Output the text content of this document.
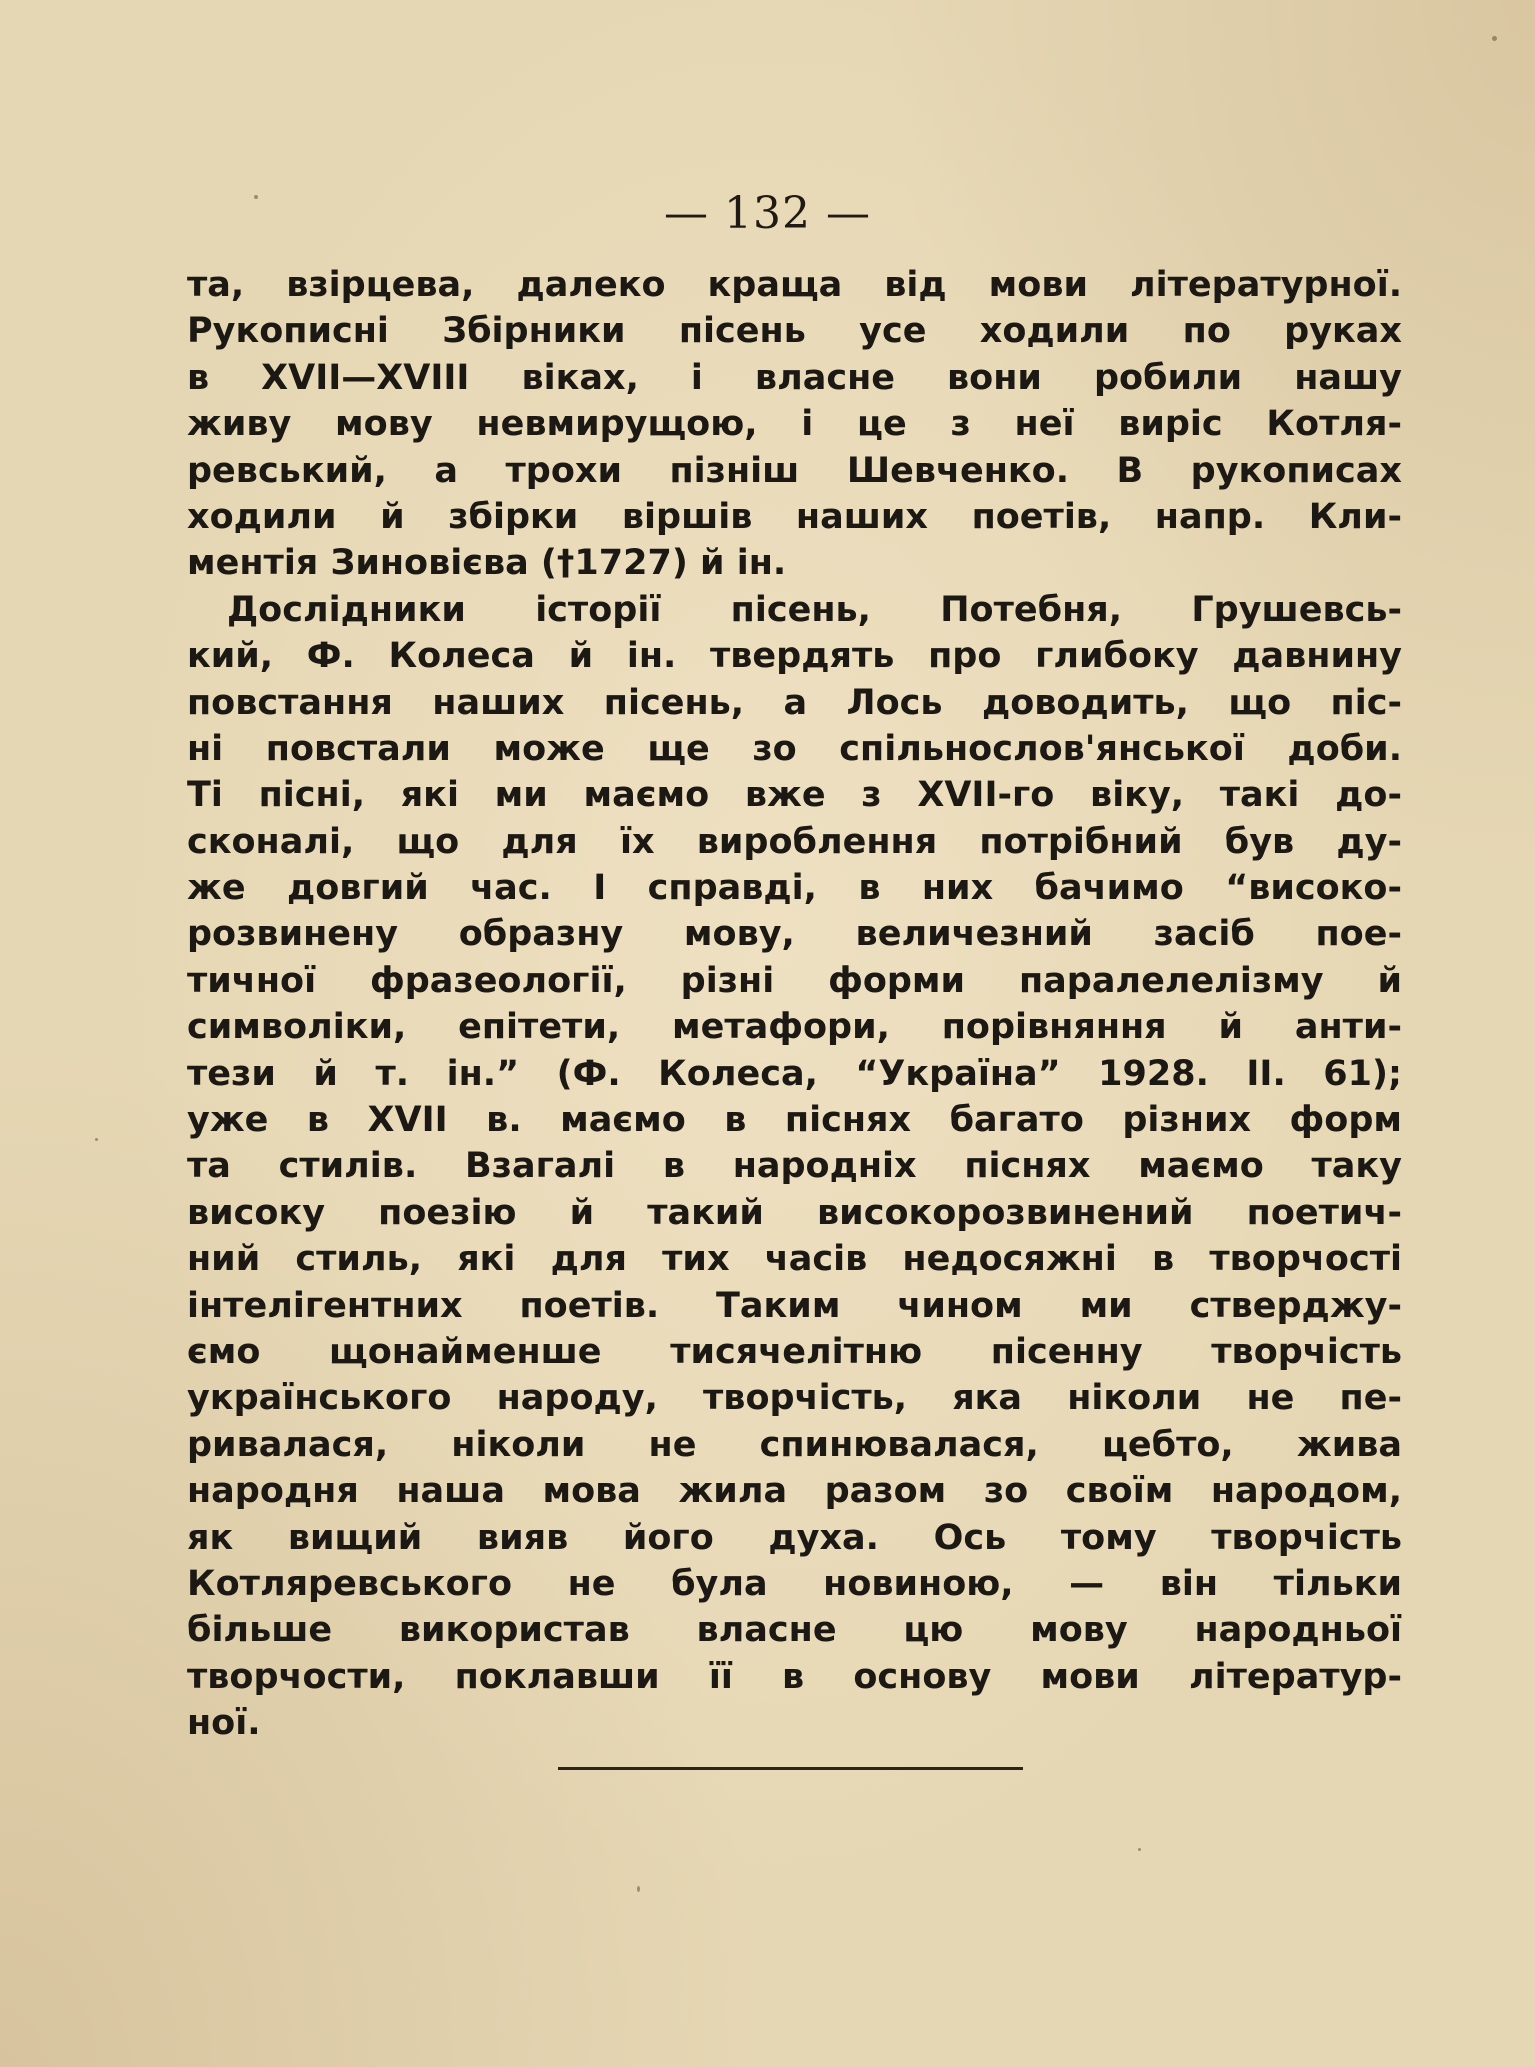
— 132 —
та, взірцева, далеко краща від мови літературної.
Рукописні Збірники пісень усе ходили по руках
в XVII—XVIII віках, і власне вони робили нашу
живу мову невмирущою, і це з неї виріс Котля-
ревський, а трохи пізніш Шевченко. В рукописах
ходили й збірки віршів наших поетів, напр. Кли-
ментія Зиновієва (†1727) й ін.
Дослідники історії пісень, Потебня, Грушевсь-
кий, Ф. Колеса й ін. твердять про глибоку давнину
повстання наших пісень, а Лось доводить, що піс-
ні повстали може ще зо спільнослов'янської доби.
Ті пісні, які ми маємо вже з XVII-го віку, такі до-
сконалі, що для їх вироблення потрібний був ду-
же довгий час. І справді, в них бачимо “високо-
розвинену образну мову, величезний засіб пое-
тичної фразеології, різні форми паралелелізму й
символіки, епітети, метафори, порівняння й анти-
тези й т. ін.” (Ф. Колеса, “Україна” 1928. II. 61);
уже в XVII в. маємо в піснях багато різних форм
та стилів. Взагалі в народніх піснях маємо таку
високу поезію й такий високорозвинений поетич-
ний стиль, які для тих часів недосяжні в творчості
інтелігентних поетів. Таким чином ми стверджу-
ємо щонайменше тисячелітню пісенну творчість
українського народу, творчість, яка ніколи не пе-
ривалася, ніколи не спинювалася, цебто, жива
народня наша мова жила разом зо своїм народом,
як вищий вияв його духа. Ось тому творчість
Котляревського не була новиною, — він тільки
більше використав власне цю мову народньої
творчости, поклавши її в основу мови літератур-
ної.
